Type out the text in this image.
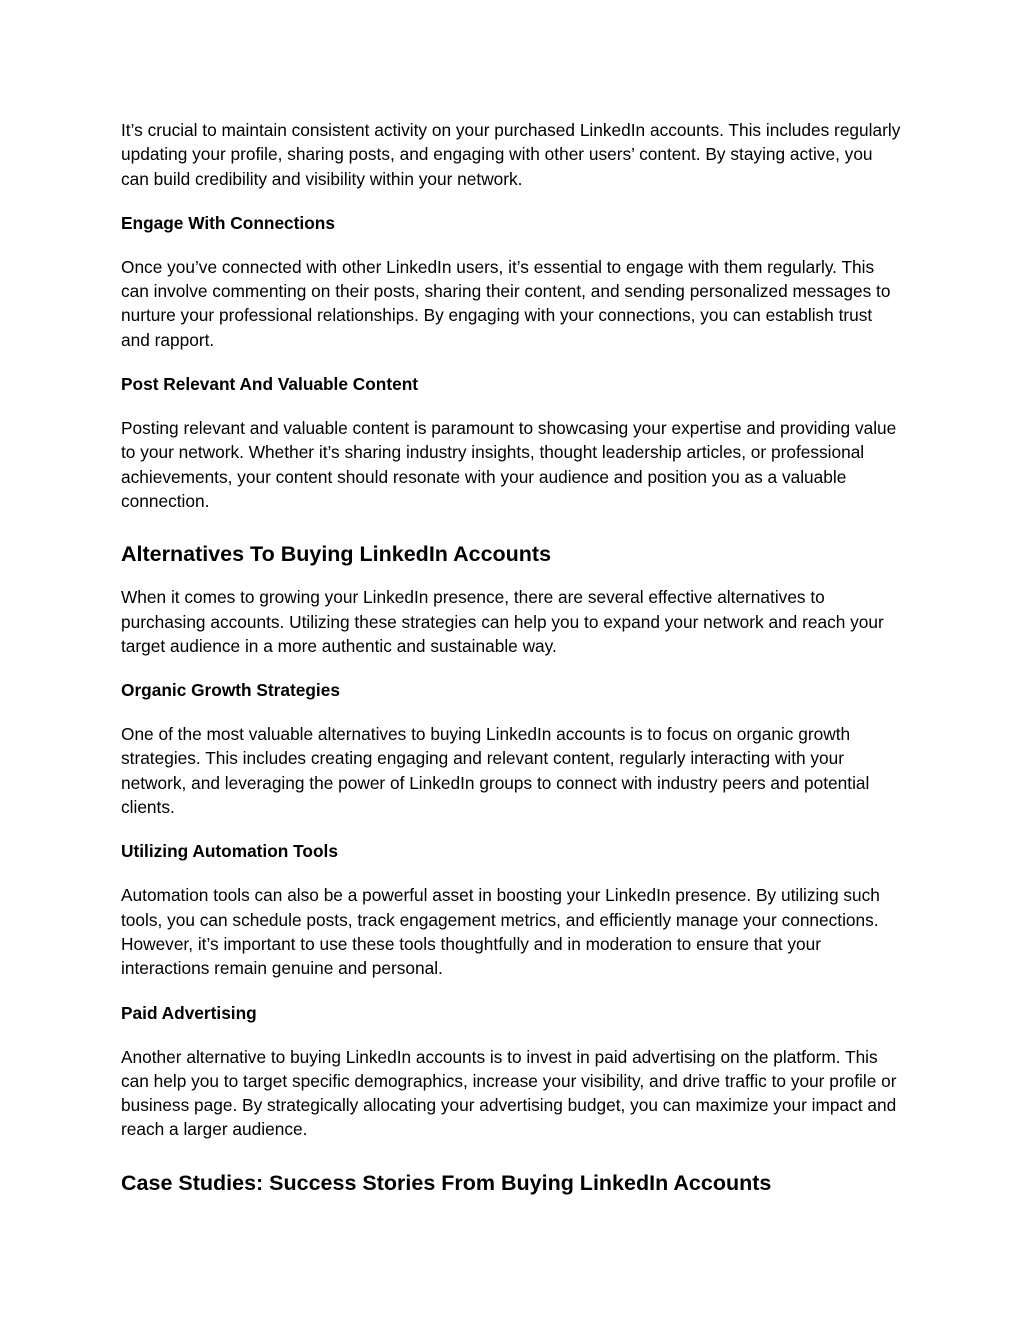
It’s crucial to maintain consistent activity on your purchased LinkedIn accounts. This includes regularly updating your profile, sharing posts, and engaging with other users’ content. By staying active, you can build credibility and visibility within your network.

Engage With Connections

Once you’ve connected with other LinkedIn users, it’s essential to engage with them regularly. This can involve commenting on their posts, sharing their content, and sending personalized messages to nurture your professional relationships. By engaging with your connections, you can establish trust and rapport.

Post Relevant And Valuable Content

Posting relevant and valuable content is paramount to showcasing your expertise and providing value to your network. Whether it’s sharing industry insights, thought leadership articles, or professional achievements, your content should resonate with your audience and position you as a valuable connection.

Alternatives To Buying LinkedIn Accounts

When it comes to growing your LinkedIn presence, there are several effective alternatives to purchasing accounts. Utilizing these strategies can help you to expand your network and reach your target audience in a more authentic and sustainable way.

Organic Growth Strategies

One of the most valuable alternatives to buying LinkedIn accounts is to focus on organic growth strategies. This includes creating engaging and relevant content, regularly interacting with your network, and leveraging the power of LinkedIn groups to connect with industry peers and potential clients.

Utilizing Automation Tools

Automation tools can also be a powerful asset in boosting your LinkedIn presence. By utilizing such tools, you can schedule posts, track engagement metrics, and efficiently manage your connections. However, it’s important to use these tools thoughtfully and in moderation to ensure that your interactions remain genuine and personal.

Paid Advertising

Another alternative to buying LinkedIn accounts is to invest in paid advertising on the platform. This can help you to target specific demographics, increase your visibility, and drive traffic to your profile or business page. By strategically allocating your advertising budget, you can maximize your impact and reach a larger audience.

Case Studies: Success Stories From Buying LinkedIn Accounts
